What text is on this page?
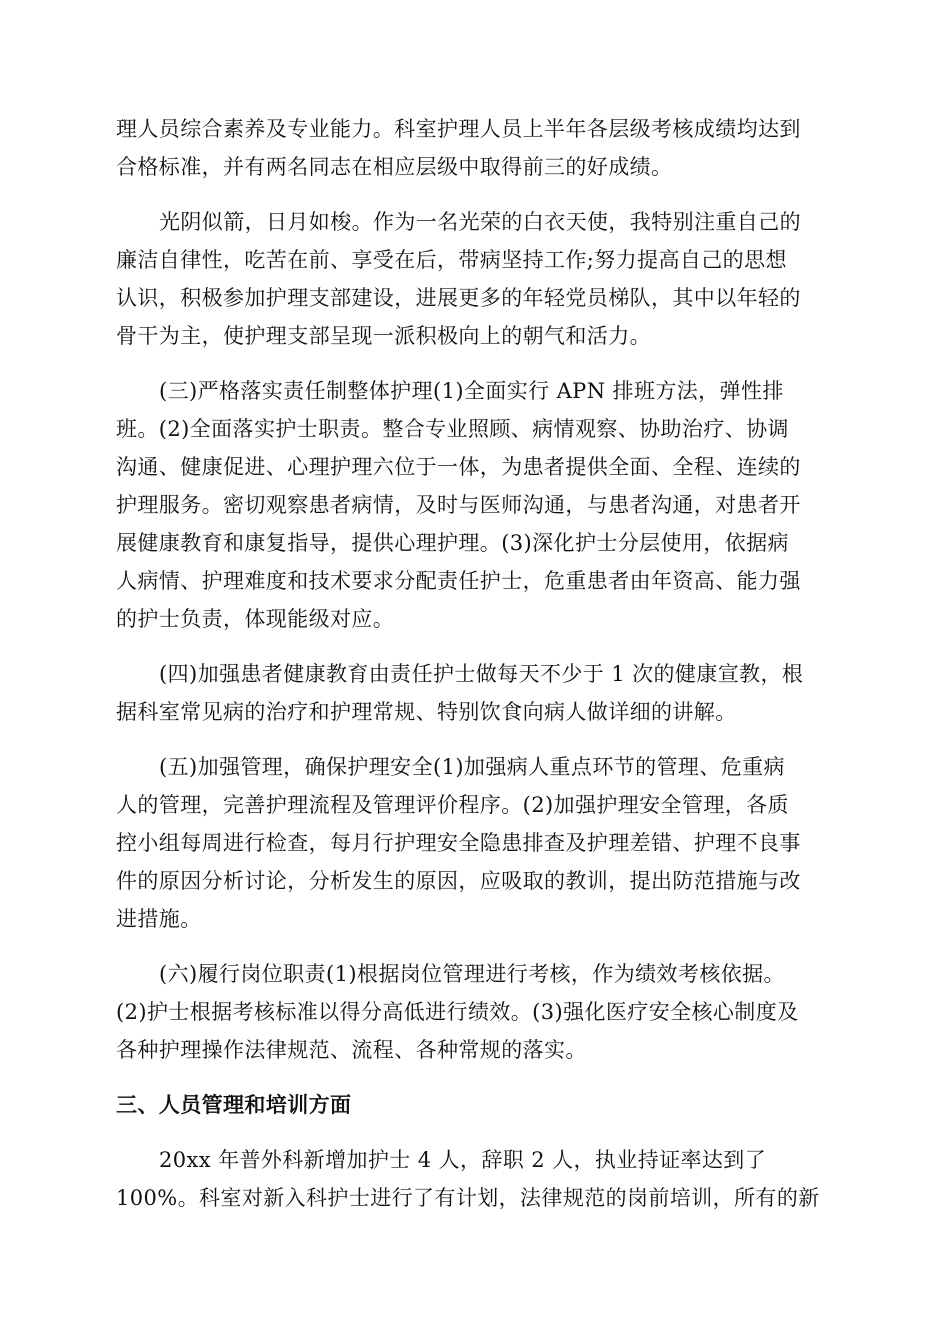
理人员综合素养及专业能力。科室护理人员上半年各层级考核成绩均达到
合格标准，并有两名同志在相应层级中取得前三的好成绩。
光阴似箭，日月如梭。作为一名光荣的白衣天使，我特别注重自己的
廉洁自律性，吃苦在前、享受在后，带病坚持工作;努力提高自己的思想
认识，积极参加护理支部建设，进展更多的年轻党员梯队，其中以年轻的
骨干为主，使护理支部呈现一派积极向上的朝气和活力。
(三)严格落实责任制整体护理(1)全面实行 APN 排班方法，弹性排
班。(2)全面落实护士职责。整合专业照顾、病情观察、协助治疗、协调
沟通、健康促进、心理护理六位于一体，为患者提供全面、全程、连续的
护理服务。密切观察患者病情，及时与医师沟通，与患者沟通，对患者开
展健康教育和康复指导，提供心理护理。(3)深化护士分层使用，依据病
人病情、护理难度和技术要求分配责任护士，危重患者由年资高、能力强
的护士负责，体现能级对应。
(四)加强患者健康教育由责任护士做每天不少于 1 次的健康宣教，根
据科室常见病的治疗和护理常规、特别饮食向病人做详细的讲解。
(五)加强管理，确保护理安全(1)加强病人重点环节的管理、危重病
人的管理，完善护理流程及管理评价程序。(2)加强护理安全管理，各质
控小组每周进行检查，每月行护理安全隐患排查及护理差错、护理不良事
件的原因分析讨论，分析发生的原因，应吸取的教训，提出防范措施与改
进措施。
(六)履行岗位职责(1)根据岗位管理进行考核，作为绩效考核依据。
(2)护士根据考核标准以得分高低进行绩效。(3)强化医疗安全核心制度及
各种护理操作法律规范、流程、各种常规的落实。
三、人员管理和培训方面
20xx 年普外科新增加护士 4 人，辞职 2 人，执业持证率达到了
100%。科室对新入科护士进行了有计划，法律规范的岗前培训，所有的新
